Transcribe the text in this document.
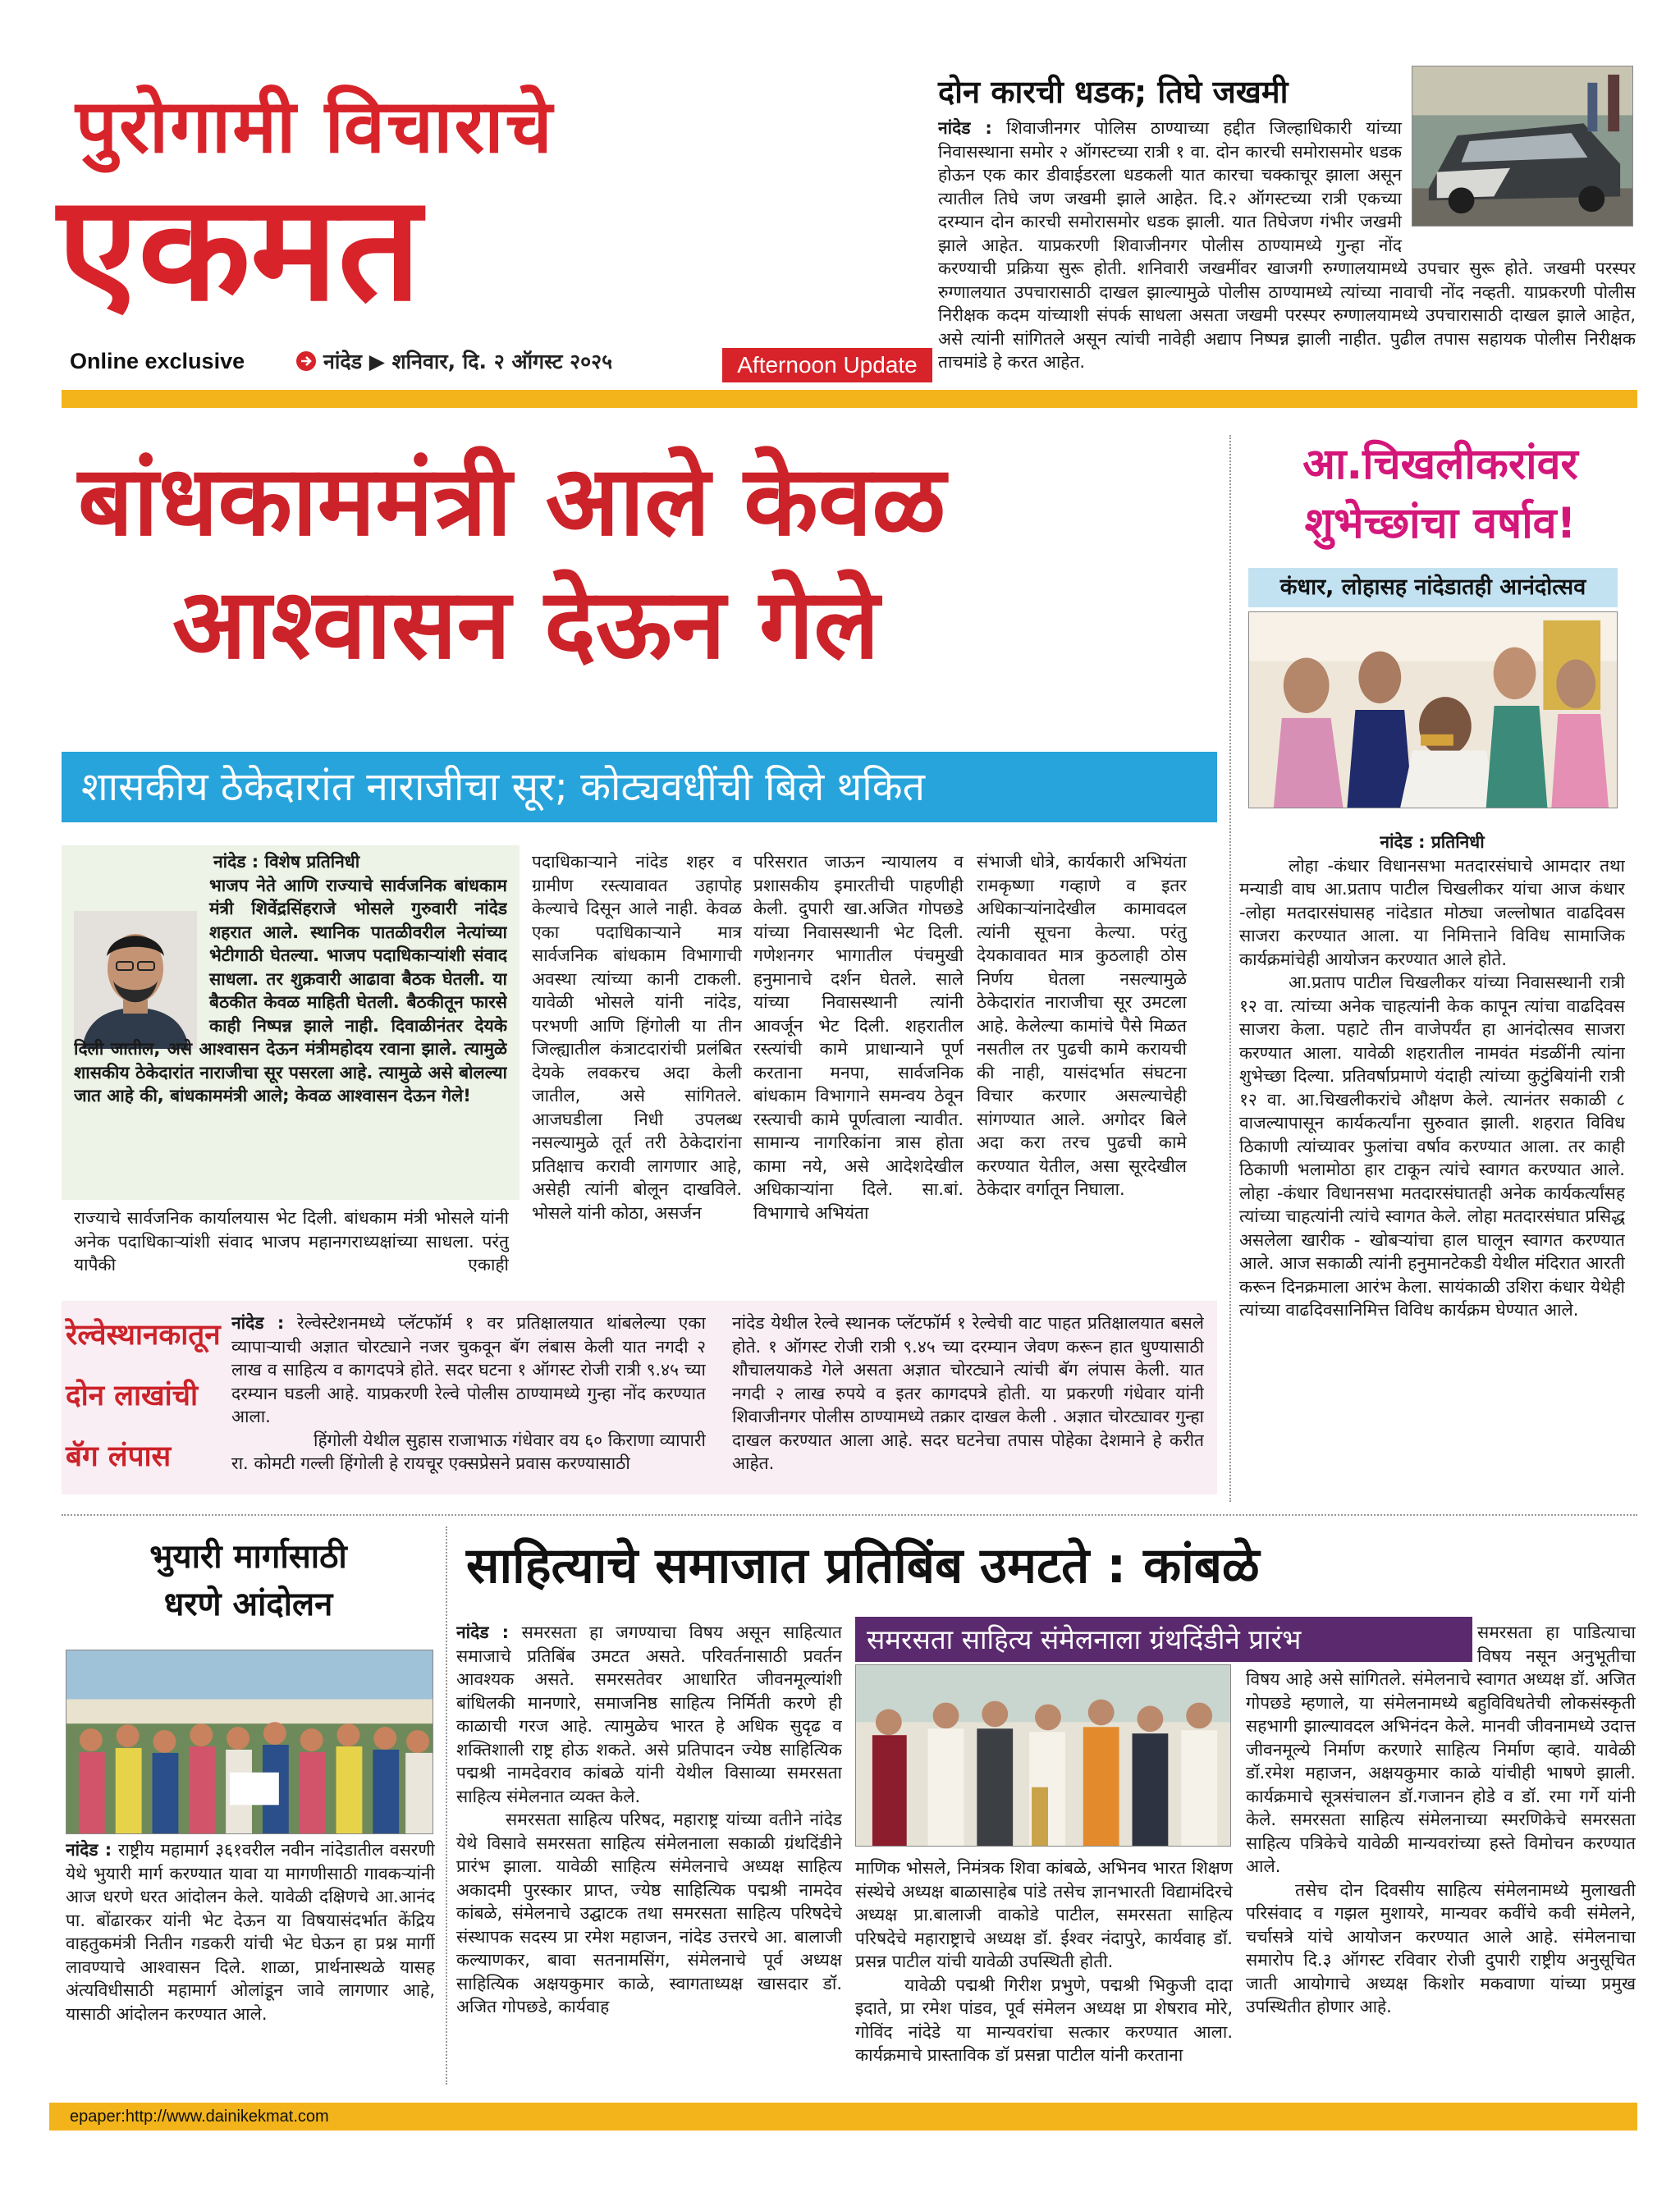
पुरोगामी विचाराचे
एकमत
Online exclusive	नांदेड ▶ शनिवार, दि. २ ऑगस्ट २०२५	Afternoon Update
दोन कारची धडक; तिघे जखमी
नांदेड : शिवाजीनगर पोलिस ठाण्याच्या हद्दीत जिल्हाधिकारी यांच्या निवासस्थाना समोर २ ऑगस्टच्या रात्री १ वा. दोन कारची समोरासमोर धडक होऊन एक कार डीवाईडरला धडकली यात कारचा चक्काचूर झाला असून त्यातील तिघे जण जखमी झाले आहेत. दि.२ ऑगस्टच्या रात्री एकच्या दरम्यान दोन कारची समोरासमोर धडक झाली. यात तिघेजण गंभीर जखमी झाले आहेत. याप्रकरणी शिवाजीनगर पोलीस ठाण्यामध्ये गुन्हा नोंद करण्याची प्रक्रिया सुरू होती. शनिवारी जखमींवर खाजगी रुग्णालयामध्ये उपचार सुरू होते. जखमी परस्पर रुग्णालयात उपचारासाठी दाखल झाल्यामुळे पोलीस ठाण्यामध्ये त्यांच्या नावाची नोंद नव्हती. याप्रकरणी पोलीस निरीक्षक कदम यांच्याशी संपर्क साधला असता जखमी परस्पर रुग्णालयामध्ये उपचारासाठी दाखल झाले आहेत, असे त्यांनी सांगितले असून त्यांची नावेही अद्याप निष्पन्न झाली नाहीत. पुढील तपास सहायक पोलीस निरीक्षक ताचमांडे हे करत आहेत.
बांधकाममंत्री आले केवळ
आश्वासन देऊन गेले
शासकीय ठेकेदारांत नाराजीचा सूर; कोट्यवधींची बिले थकित
नांदेड : विशेष प्रतिनिधी
भाजप नेते आणि राज्याचे सार्वजनिक बांधकाम मंत्री शिवेंद्रसिंहराजे भोसले गुरुवारी नांदेड शहरात आले. स्थानिक पातळीवरील नेत्यांच्या भेटीगाठी घेतल्या. भाजप पदाधिकाऱ्यांशी संवाद साधला. तर शुक्रवारी आढावा बैठक घेतली. या बैठकीत केवळ माहिती घेतली. बैठकीतून फारसे काही निष्पन्न झाले नाही. दिवाळीनंतर देयके दिली जातील, असे आश्वासन देऊन मंत्रीमहोदय रवाना झाले. त्यामुळे शासकीय ठेकेदारांत नाराजीचा सूर पसरला आहे. त्यामुळे असे बोलल्या जात आहे की, बांधकाममंत्री आले; केवळ आश्वासन देऊन गेले!
राज्याचे सार्वजनिक कार्यालयास भेट दिली. बांधकाम मंत्री भोसले यांनी अनेक पदाधिकाऱ्यांशी संवाद भाजप महानगराध्यक्षांच्या साधला. परंतु यापैकी एकाही
पदाधिकाऱ्याने नांदेड शहर व ग्रामीण रस्त्यावावत उहापोह केल्याचे दिसून आले नाही. केवळ एका पदाधिकाऱ्याने मात्र सार्वजनिक बांधकाम विभागाची अवस्था त्यांच्या कानी टाकली. यावेळी भोसले यांनी नांदेड, परभणी आणि हिंगोली या तीन जिल्ह्यातील कंत्राटदारांची प्रलंबित देयके लवकरच अदा केली जातील, असे सांगितले. आजघडीला निधी उपलब्ध नसल्यामुळे तूर्त तरी ठेकेदारांना प्रतिक्षाच करावी लागणार आहे, असेही त्यांनी बोलून दाखविले. भोसले यांनी कोठा, असर्जन
परिसरात जाऊन न्यायालय व प्रशासकीय इमारतीची पाहणीही केली. दुपारी खा.अजित गोपछडे यांच्या निवासस्थानी भेट दिली. गणेशनगर भागातील पंचमुखी हनुमानाचे दर्शन घेतले. साले यांच्या निवासस्थानी त्यांनी आवर्जून भेट दिली. शहरातील रस्त्यांची कामे प्राधान्याने पूर्ण करताना मनपा, सार्वजनिक बांधकाम विभागाने समन्वय ठेवून रस्त्याची कामे पूर्णत्वाला न्यावीत. सामान्य नागरिकांना त्रास होता कामा नये, असे आदेशदेखील अधिकाऱ्यांना दिले. सा.बां. विभागाचे अभियंता
संभाजी धोत्रे, कार्यकारी अभियंता रामकृष्णा गव्हाणे व इतर अधिकाऱ्यांनादेखील कामावदल त्यांनी सूचना केल्या. परंतु देयकावावत मात्र कुठलाही ठोस निर्णय घेतला नसल्यामुळे ठेकेदारांत नाराजीचा सूर उमटला आहे. केलेल्या कामांचे पैसे मिळत नसतील तर पुढची कामे करायची की नाही, यासंदर्भात संघटना विचार करणार असल्याचेही सांगण्यात आले. अगोदर बिले अदा करा तरच पुढची कामे करण्यात येतील, असा सूरदेखील ठेकेदार वर्गातून निघाला.
रेल्वेस्थानकातून
दोन लाखांची
बॅग लंपास
नांदेड : रेल्वेस्टेशनमध्ये प्लॅटफॉर्म १ वर प्रतिक्षालयात थांबलेल्या एका व्यापाऱ्याची अज्ञात चोरट्याने नजर चुकवून बॅग लंबास केली यात नगदी २ लाख व साहित्य व कागदपत्रे होते. सदर घटना १ ऑगस्ट रोजी रात्री ९.४५ च्या दरम्यान घडली आहे. याप्रकरणी रेल्वे पोलीस ठाण्यामध्ये गुन्हा नोंद करण्यात आला.

हिंगोली येथील सुहास राजाभाऊ गंधेवार वय ६० किराणा व्यापारी रा. कोमटी गल्ली हिंगोली हे रायचूर एक्सप्रेसने प्रवास करण्यासाठी

नांदेड येथील रेल्वे स्थानक प्लॅटफॉर्म १ रेल्वेची वाट पाहत प्रतिक्षालयात बसले होते. १ ऑगस्ट रोजी रात्री ९.४५ च्या दरम्यान जेवण करून हात धुण्यासाठी शौचालयाकडे गेले असता अज्ञात चोरट्याने त्यांची बॅग लंपास केली. यात नगदी २ लाख रुपये व इतर कागदपत्रे होती. या प्रकरणी गंधेवार यांनी शिवाजीनगर पोलीस ठाण्यामध्ये तक्रार दाखल केली . अज्ञात चोरट्यावर गुन्हा दाखल करण्यात आला आहे. सदर घटनेचा तपास पोहेका देशमाने हे करीत आहेत.
आ.चिखलीकरांवर
शुभेच्छांचा वर्षाव!
कंधार, लोहासह नांदेडातही आनंदोत्सव
नांदेड : प्रतिनिधी

लोहा -कंधार विधानसभा मतदारसंघाचे आमदार तथा मन्याडी वाघ आ.प्रताप पाटील चिखलीकर यांचा आज कंधार -लोहा मतदारसंघासह नांदेडात मोठ्या जल्लोषात वाढदिवस साजरा करण्यात आला. या निमित्ताने विविध सामाजिक कार्यक्रमांचेही आयोजन करण्यात आले होते.

आ.प्रताप पाटील चिखलीकर यांच्या निवासस्थानी रात्री १२ वा. त्यांच्या अनेक चाहत्यांनी केक कापून त्यांचा वाढदिवस साजरा केला. पहाटे तीन वाजेपर्यंत हा आनंदोत्सव साजरा करण्यात आला. यावेळी शहरातील नामवंत मंडळींनी त्यांना शुभेच्छा दिल्या. प्रतिवर्षाप्रमाणे यंदाही त्यांच्या कुटुंबियांनी रात्री १२ वा. आ.चिखलीकरांचे औक्षण केले. त्यानंतर सकाळी ८ वाजल्यापासून कार्यकर्त्यांना सुरुवात झाली. शहरात विविध ठिकाणी त्यांच्यावर फुलांचा वर्षाव करण्यात आला. तर काही ठिकाणी भलामोठा हार टाकून त्यांचे स्वागत करण्यात आले. लोहा -कंधार विधानसभा मतदारसंघातही अनेक कार्यकर्त्यांसह त्यांच्या चाहत्यांनी त्यांचे स्वागत केले. लोहा मतदारसंघात प्रसिद्ध असलेला खारीक - खोबऱ्यांचा हाल घालून स्वागत करण्यात आले. आज सकाळी त्यांनी हनुमानटेकडी येथील मंदिरात आरती करून दिनक्रमाला आरंभ केला. सायंकाळी उशिरा कंधार येथेही त्यांच्या वाढदिवसानिमित्त विविध कार्यक्रम घेण्यात आले.

भुयारी मार्गासाठी
धरणे आंदोलन
नांदेड : राष्ट्रीय महामार्ग ३६१वरील नवीन नांदेडातील वसरणी येथे भुयारी मार्ग करण्यात यावा या मागणीसाठी गावकऱ्यांनी आज धरणे धरत आंदोलन केले. यावेळी दक्षिणचे आ.आनंद पा. बोंढारकर यांनी भेट देऊन या विषयासंदर्भात केंद्रिय वाहतुकमंत्री नितीन गडकरी यांची भेट घेऊन हा प्रश्न मार्गी लावण्याचे आश्वासन दिले. शाळा, प्रार्थनास्थळे यासह अंत्यविधीसाठी महामार्ग ओलांडून जावे लागणार आहे, यासाठी आंदोलन करण्यात आले.
साहित्याचे समाजात प्रतिबिंब उमटते : कांबळे
समरसता साहित्य संमेलनाला ग्रंथदिंडीने प्रारंभ
नांदेड : समरसता हा जगण्याचा विषय असून साहित्यात समाजाचे प्रतिबिंब उमटत असते. परिवर्तनासाठी प्रवर्तन आवश्यक असते. समरसतेवर आधारित जीवनमूल्यांशी बांधिलकी मानणारे, समाजनिष्ठ साहित्य निर्मिती करणे ही काळाची गरज आहे. त्यामुळेच भारत हे अधिक सुदृढ व शक्तिशाली राष्ट्र होऊ शकते. असे प्रतिपादन ज्येष्ठ साहित्यिक पद्मश्री नामदेवराव कांबळे यांनी येथील विसाव्या समरसता साहित्य संमेलनात व्यक्त केले.

समरसता साहित्य परिषद, महाराष्ट्र यांच्या वतीने नांदेड येथे विसावे समरसता साहित्य संमेलनाला सकाळी ग्रंथदिंडीने प्रारंभ झाला. यावेळी साहित्य संमेलनाचे अध्यक्ष साहित्य अकादमी पुरस्कार प्राप्त, ज्येष्ठ साहित्यिक पद्मश्री नामदेव कांबळे, संमेलनाचे उद्घाटक तथा समरसता साहित्य परिषदेचे संस्थापक सदस्य प्रा रमेश महाजन, नांदेड उत्तरचे आ. बालाजी कल्याणकर, बावा सतनामसिंग, संमेलनाचे पूर्व अध्यक्ष साहित्यिक अक्षयकुमार काळे, स्वागताध्यक्ष खासदार डॉ. अजित गोपछडे, कार्यवाह

माणिक भोसले, निमंत्रक शिवा कांबळे, अभिनव भारत शिक्षण संस्थेचे अध्यक्ष बाळासाहेब पांडे तसेच ज्ञानभारती विद्यामंदिरचे अध्यक्ष प्रा.बालाजी वाकोडे पाटील, समरसता साहित्य परिषदेचे महाराष्ट्राचे अध्यक्ष डॉ. ईश्वर नंदापुरे, कार्यवाह डॉ. प्रसन्न पाटील यांची यावेळी उपस्थिती होती.

यावेळी पद्मश्री गिरीश प्रभुणे, पद्मश्री भिकुजी दादा इदाते, प्रा रमेश पांडव, पूर्व संमेलन अध्यक्ष प्रा शेषराव मोरे, गोविंद नांदेडे या मान्यवरांचा सत्कार करण्यात आला. कार्यक्रमाचे प्रास्ताविक डॉ प्रसन्ना पाटील यांनी करताना

समरसता हा पाडित्याचा विषय नसून अनुभूतीचा विषय आहे असे सांगितले. संमेलनाचे स्वागत अध्यक्ष डॉ. अजित गोपछडे म्हणाले, या संमेलनामध्ये बहुविविधतेची लोकसंस्कृती सहभागी झाल्यावदल अभिनंदन केले. मानवी जीवनामध्ये उदात्त जीवनमूल्ये निर्माण करणारे साहित्य निर्माण व्हावे. यावेळी डॉ.रमेश महाजन, अक्षयकुमार काळे यांचीही भाषणे झाली. कार्यक्रमाचे सूत्रसंचालन डॉ.गजानन होडे व डॉ. रमा गर्गे यांनी केले. समरसता साहित्य संमेलनाच्या स्मरणिकेचे समरसता साहित्य पत्रिकेचे यावेळी मान्यवरांच्या हस्ते विमोचन करण्यात आले.

तसेच दोन दिवसीय साहित्य संमेलनामध्ये मुलाखती परिसंवाद व गझल मुशायरे, मान्यवर कवींचे कवी संमेलने, चर्चासत्रे यांचे आयोजन करण्यात आले आहे. संमेलनाचा समारोप दि.३ ऑगस्ट रविवार रोजी दुपारी राष्ट्रीय अनुसूचित जाती आयोगाचे अध्यक्ष किशोर मकवाणा यांच्या प्रमुख उपस्थितीत होणार आहे.

epaper:http://www.dainikekmat.com
